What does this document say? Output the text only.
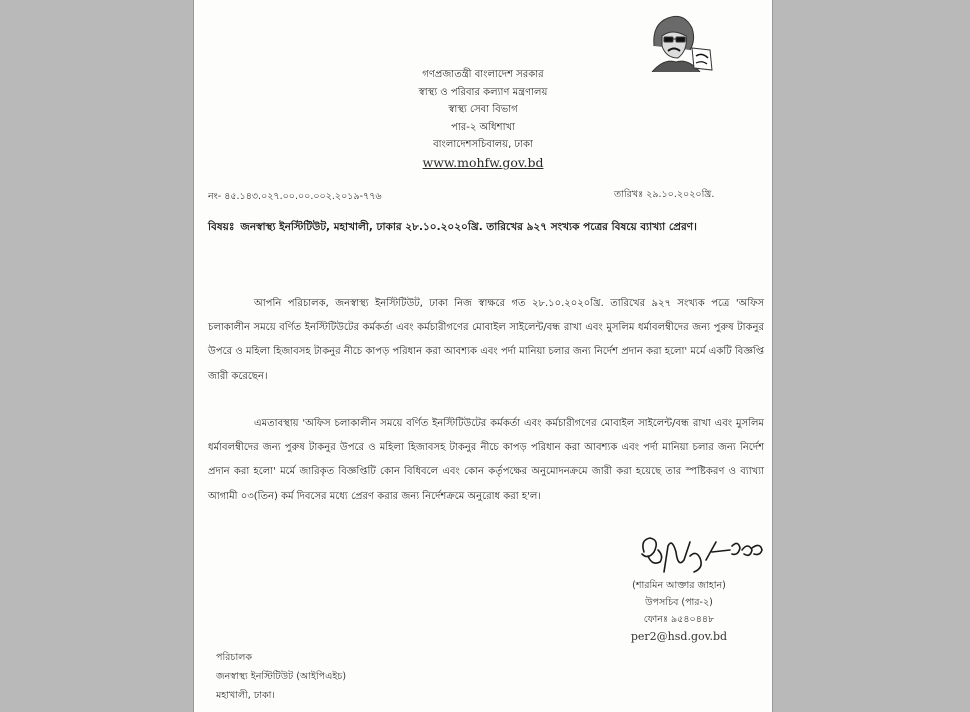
গণপ্রজাতন্ত্রী বাংলাদেশ সরকার
স্বাস্থ্য ও পরিবার কল্যাণ মন্ত্রণালয়
স্বাস্থ্য সেবা বিভাগ
পার-২ অধিশাখা
বাংলাদেশসচিবালয়, ঢাকা
www.mohfw.gov.bd
নং- ৪৫.১৪৩.০২৭.০০.০০.০০২.২০১৯-৭৭৬	তারিখঃ ২৯.১০.২০২০খ্রি.
বিষয়ঃ জনস্বাস্থ্য ইনস্টিটিউট, মহাখালী, ঢাকার ২৮.১০.২০২০খ্রি. তারিখের ৯২৭ সংখ্যক পত্রের বিষয়ে ব্যাখ্যা প্রেরণ।

আপনি পরিচালক, জনস্বাস্থ্য ইনস্টিটিউট, ঢাকা নিজ স্বাক্ষরে গত ২৮.১০.২০২০খ্রি. তারিখের ৯২৭ সংখ্যক পত্রে 'অফিস চলাকালীন সময়ে বর্ণিত ইনস্টিটিউটের কর্মকর্তা এবং কর্মচারীগণের মোবাইল সাইলেন্ট/বন্ধ রাখা এবং মুসলিম ধর্মাবলম্বীদের জন্য পুরুষ টাকনুর উপরে ও মহিলা হিজাবসহ টাকনুর নীচে কাপড় পরিধান করা আবশ্যক এবং পর্দা মানিয়া চলার জন্য নির্দেশ প্রদান করা হলো' মর্মে একটি বিজ্ঞপ্তি জারী করেছেন।

এমতাবস্থায় 'অফিস চলাকালীন সময়ে বর্ণিত ইনস্টিটিউটের কর্মকর্তা এবং কর্মচারীগণের মোবাইল সাইলেন্ট/বন্ধ রাখা এবং মুসলিম ধর্মাবলম্বীদের জন্য পুরুষ টাকনুর উপরে ও মহিলা হিজাবসহ টাকনুর নীচে কাপড় পরিধান করা আবশ্যক এবং পর্দা মানিয়া চলার জন্য নির্দেশ প্রদান করা হলো' মর্মে জারিকৃত বিজ্ঞপ্তিটি কোন বিধিবলে এবং কোন কর্তৃপক্ষের অনুমোদনক্রমে জারী করা হয়েছে তার স্পষ্টিকরণ ও ব্যাখ্যা আগামী ০৩(তিন) কর্ম দিবসের মধ্যে প্রেরণ করার জন্য নির্দেশক্রমে অনুরোধ করা হ'ল।

(শারমিন আক্তার জাহান)
উপসচিব (পার-২)
ফোনঃ ৯৫৪০৪৪৮
per2@hsd.gov.bd
পরিচালক
জনস্বাস্থ্য ইনস্টিটিউট (আইপিএইচ)
মহাখালী, ঢাকা।
